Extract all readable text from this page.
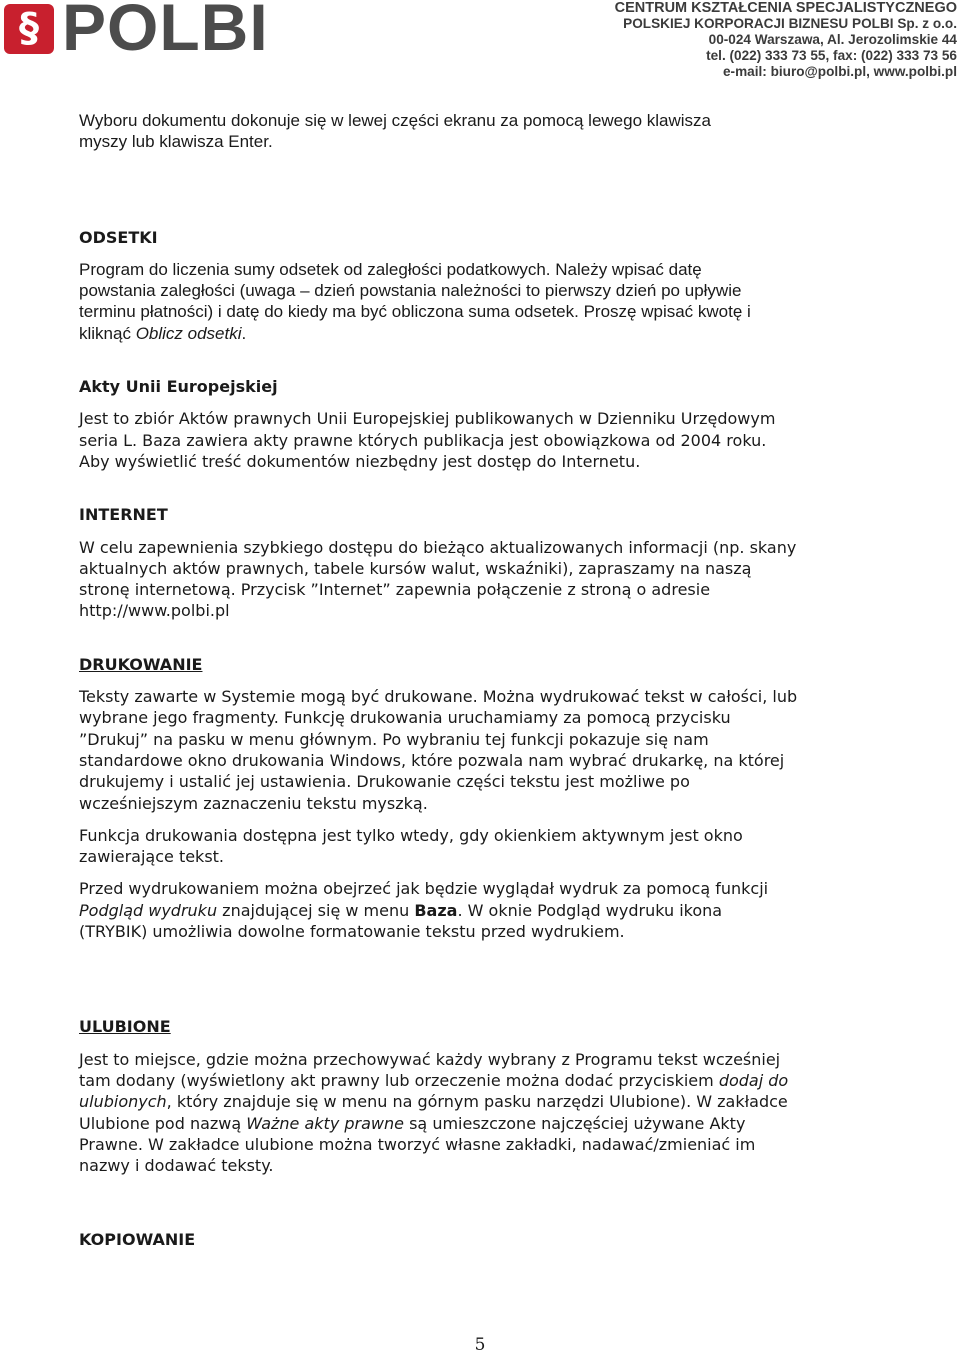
§ POLBI	CENTRUM KSZTAŁCENIA SPECJALISTYCZNEGO
POLSKIEJ KORPORACJI BIZNESU POLBI Sp. z o.o.
00-024 Warszawa, Al. Jerozolimskie 44
tel. (022) 333 73 55, fax: (022) 333 73 56
e-mail: biuro@polbi.pl, www.polbi.pl
Wyboru dokumentu dokonuje się w lewej części ekranu za pomocą lewego klawisza
myszy lub klawisza Enter.
ODSETKI
Program do liczenia sumy odsetek od zaległości podatkowych. Należy wpisać datę
powstania zaległości (uwaga – dzień powstania należności to pierwszy dzień po upływie
terminu płatności) i datę do kiedy ma być obliczona suma odsetek. Proszę wpisać kwotę i
kliknąć Oblicz odsetki.
Akty Unii Europejskiej
Jest to zbiór Aktów prawnych Unii Europejskiej publikowanych w Dzienniku Urzędowym
seria L. Baza zawiera akty prawne których publikacja jest obowiązkowa od 2004 roku.
Aby wyświetlić treść dokumentów niezbędny jest dostęp do Internetu.
INTERNET
W celu zapewnienia szybkiego dostępu do bieżąco aktualizowanych informacji (np. skany
aktualnych aktów prawnych, tabele kursów walut, wskaźniki), zapraszamy na naszą
stronę internetową. Przycisk ”Internet” zapewnia połączenie z stroną o adresie
http://www.polbi.pl
DRUKOWANIE
Teksty zawarte w Systemie mogą być drukowane. Można wydrukować tekst w całości, lub
wybrane jego fragmenty. Funkcję drukowania uruchamiamy za pomocą przycisku
”Drukuj” na pasku w menu głównym. Po wybraniu tej funkcji pokazuje się nam
standardowe okno drukowania Windows, które pozwala nam wybrać drukarkę, na której
drukujemy i ustalić jej ustawienia. Drukowanie części tekstu jest możliwe po
wcześniejszym zaznaczeniu tekstu myszką.
Funkcja drukowania dostępna jest tylko wtedy, gdy okienkiem aktywnym jest okno
zawierające tekst.
Przed wydrukowaniem można obejrzeć jak będzie wyglądał wydruk za pomocą funkcji
Podgląd wydruku znajdującej się w menu Baza. W oknie Podgląd wydruku ikona
(TRYBIK) umożliwia dowolne formatowanie tekstu przed wydrukiem.
ULUBIONE
Jest to miejsce, gdzie można przechowywać każdy wybrany z Programu tekst wcześniej
tam dodany (wyświetlony akt prawny lub orzeczenie można dodać przyciskiem dodaj do
ulubionych, który znajduje się w menu na górnym pasku narzędzi Ulubione). W zakładce
Ulubione pod nazwą Ważne akty prawne są umieszczone najczęściej używane Akty
Prawne. W zakładce ulubione można tworzyć własne zakładki, nadawać/zmieniać im
nazwy i dodawać teksty.
KOPIOWANIE
5
